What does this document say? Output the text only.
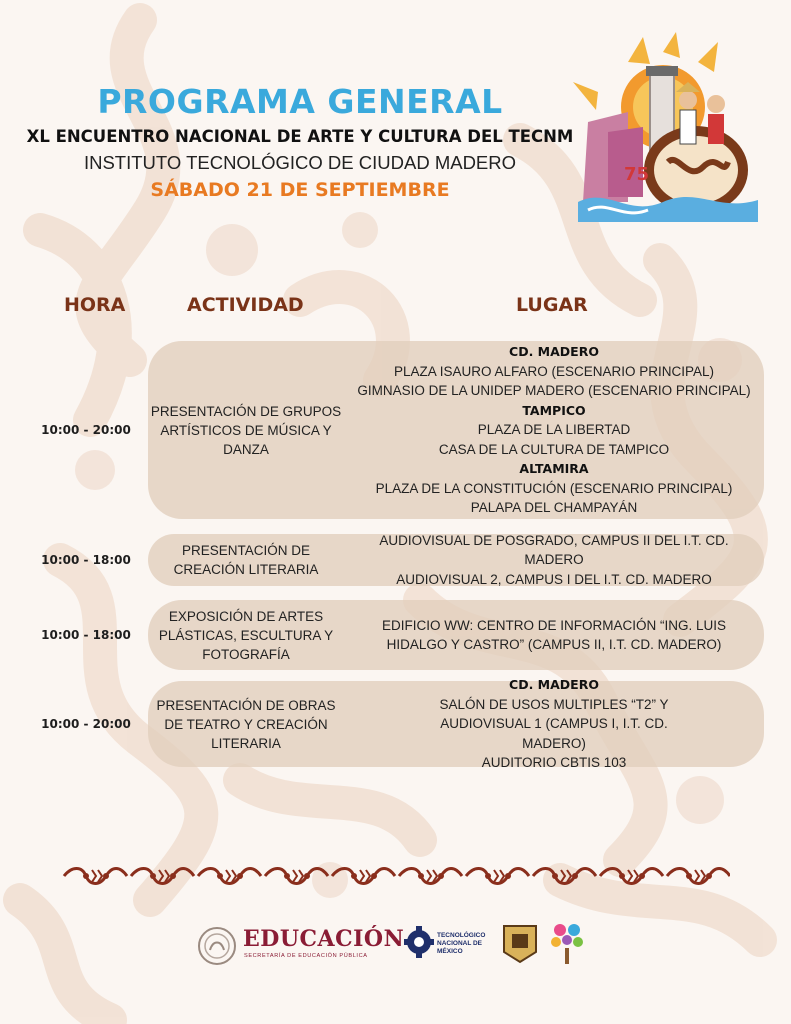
PROGRAMA GENERAL
XL ENCUENTRO NACIONAL DE ARTE Y CULTURA DEL TECNM
INSTITUTO TECNOLÓGICO DE CIUDAD MADERO
SÁBADO 21 DE SEPTIEMBRE
75
HORA	ACTIVIDAD	LUGAR
10:00 - 20:00
PRESENTACIÓN DE GRUPOS ARTÍSTICOS DE MÚSICA Y DANZA
CD. MADERO
PLAZA ISAURO ALFARO (ESCENARIO PRINCIPAL)
GIMNASIO DE LA UNIDEP MADERO (ESCENARIO PRINCIPAL)
TAMPICO
PLAZA DE LA LIBERTAD
CASA DE LA CULTURA DE TAMPICO
ALTAMIRA
PLAZA DE LA CONSTITUCIÓN (ESCENARIO PRINCIPAL)
PALAPA DEL CHAMPAYÁN
10:00 - 18:00
PRESENTACIÓN DE CREACIÓN LITERARIA
AUDIOVISUAL DE POSGRADO, CAMPUS II DEL I.T. CD. MADERO
AUDIOVISUAL 2, CAMPUS I DEL I.T. CD. MADERO
10:00 - 18:00
EXPOSICIÓN DE ARTES PLÁSTICAS, ESCULTURA Y FOTOGRAFÍA
EDIFICIO WW: CENTRO DE INFORMACIÓN “ING. LUIS HIDALGO Y CASTRO” (CAMPUS II, I.T. CD. MADERO)
10:00 - 20:00
PRESENTACIÓN DE OBRAS DE TEATRO Y CREACIÓN LITERARIA
CD. MADERO
SALÓN DE USOS MULTIPLES “T2” Y AUDIOVISUAL 1 (CAMPUS I, I.T. CD. MADERO)
AUDITORIO CBTIS 103
EDUCACIÓN
SECRETARÍA DE EDUCACIÓN PÚBLICA
TECNOLÓGICO NACIONAL DE MÉXICO
